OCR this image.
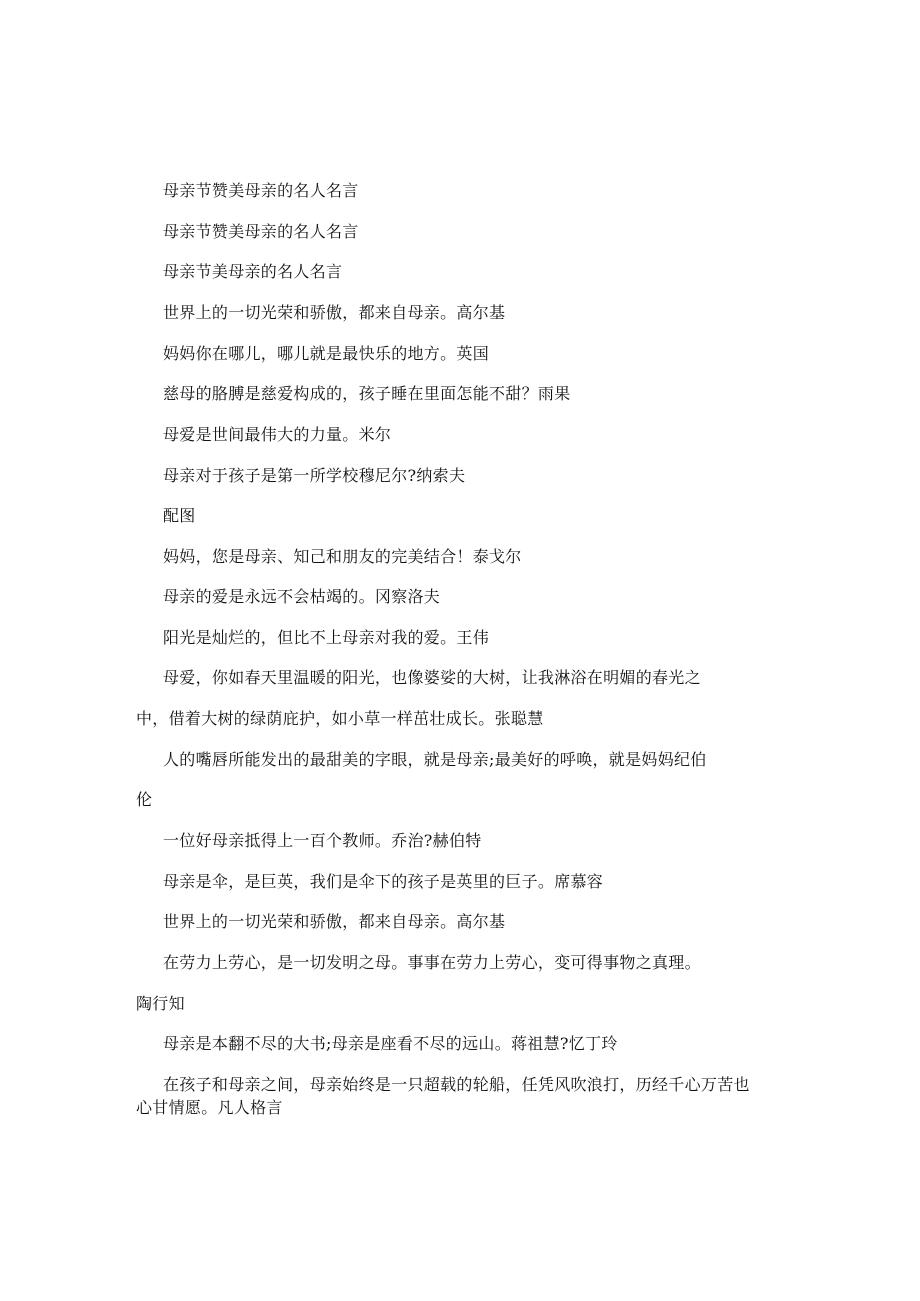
母亲节赞美母亲的名人名言
母亲节赞美母亲的名人名言
母亲节美母亲的名人名言
世界上的一切光荣和骄傲，都来自母亲。高尔基
妈妈你在哪儿，哪儿就是最快乐的地方。英国
慈母的胳膊是慈爱构成的，孩子睡在里面怎能不甜？雨果
母爱是世间最伟大的力量。米尔
母亲对于孩子是第一所学校穆尼尔?纳索夫
配图
妈妈，您是母亲、知己和朋友的完美结合！泰戈尔
母亲的爱是永远不会枯竭的。冈察洛夫
阳光是灿烂的，但比不上母亲对我的爱。王伟
母爱，你如春天里温暖的阳光，也像婆娑的大树，让我淋浴在明媚的春光之
中，借着大树的绿荫庇护，如小草一样茁壮成长。张聪慧
人的嘴唇所能发出的最甜美的字眼，就是母亲;最美好的呼唤，就是妈妈纪伯
伦
一位好母亲抵得上一百个教师。乔治?赫伯特
母亲是伞，是巨英，我们是伞下的孩子是英里的巨子。席慕容
世界上的一切光荣和骄傲，都来自母亲。高尔基
在劳力上劳心，是一切发明之母。事事在劳力上劳心，变可得事物之真理。
陶行知
母亲是本翻不尽的大书;母亲是座看不尽的远山。蒋祖慧?忆丁玲
在孩子和母亲之间，母亲始终是一只超载的轮船，任凭风吹浪打，历经千心万苦也
心甘情愿。凡人格言
